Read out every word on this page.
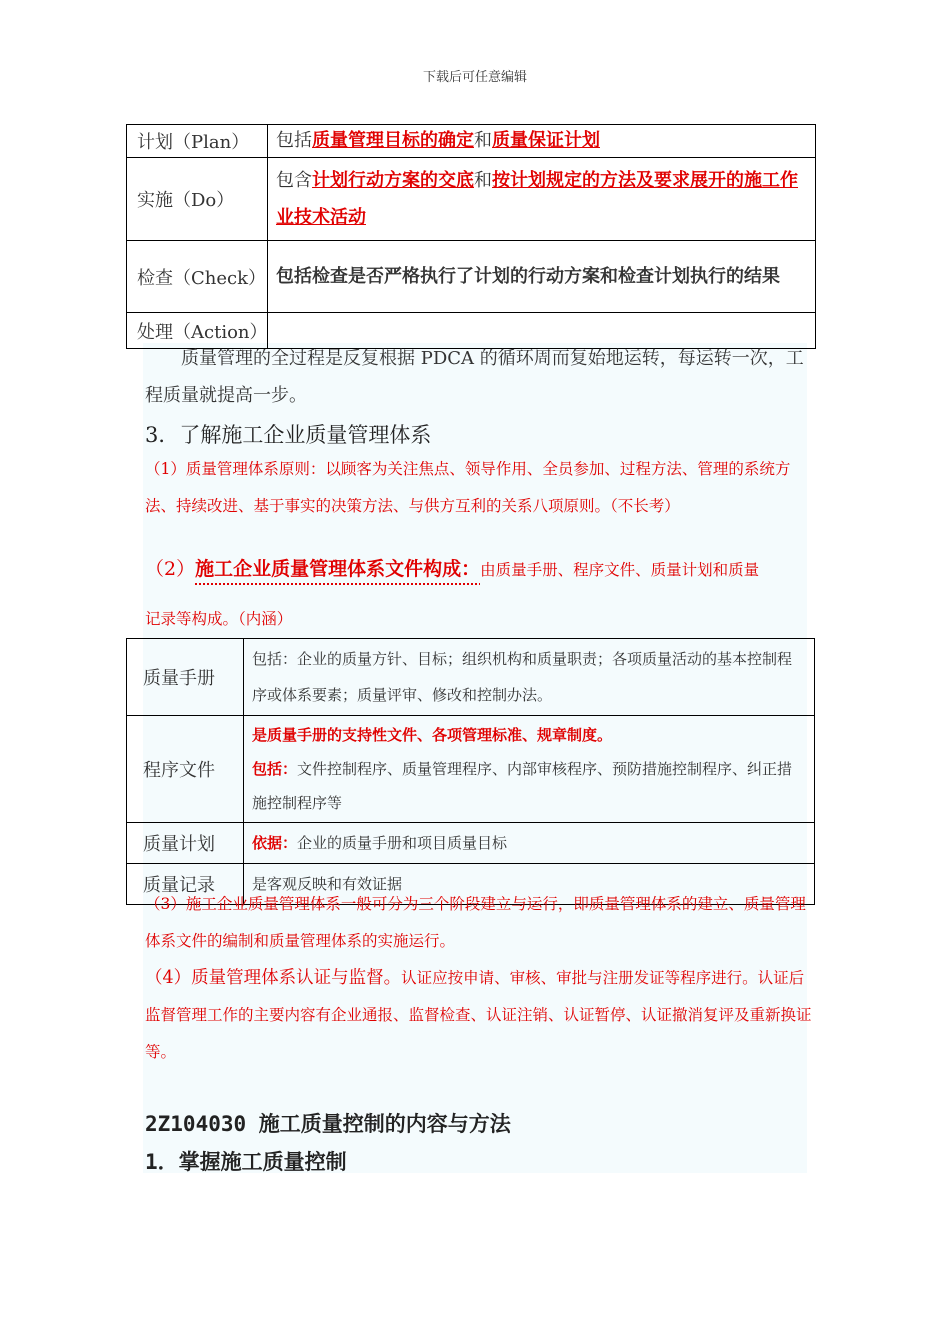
下载后可任意编辑
计划（Plan）	包括质量管理目标的确定和质量保证计划
实施（Do）	包含计划行动方案的交底和按计划规定的方法及要求展开的施工作业技术活动
检查（Check）	包括检查是否严格执行了计划的行动方案和检查计划执行的结果
处理（Action）	
质量管理的全过程是反复根据 PDCA 的循环周而复始地运转，每运转一次，工程质量就提高一步。
3．了解施工企业质量管理体系
（1）质量管理体系原则：以顾客为关注焦点、领导作用、全员参加、过程方法、管理的系统方法、持续改进、基于事实的决策方法、与供方互利的关系八项原则。（不长考）
（2）施工企业质量管理体系文件构成：由质量手册、程序文件、质量计划和质量
记录等构成。（内涵）
质量手册	包括：企业的质量方针、目标；组织机构和质量职责；各项质量活动的基本控制程序或体系要素；质量评审、修改和控制办法。
程序文件	是质量手册的支持性文件、各项管理标准、规章制度。
包括：文件控制程序、质量管理程序、内部审核程序、预防措施控制程序、纠正措施控制程序等

质量计划	依据：企业的质量手册和项目质量目标
质量记录	是客观反映和有效证据
（3）施工企业质量管理体系一般可分为三个阶段建立与运行，即质量管理体系的建立、质量管理体系文件的编制和质量管理体系的实施运行。
（4）质量管理体系认证与监督。认证应按申请、审核、审批与注册发证等程序进行。认证后监督管理工作的主要内容有企业通报、监督检查、认证注销、认证暂停、认证撤消复评及重新换证等。
2Z104030 施工质量控制的内容与方法
1．掌握施工质量控制
